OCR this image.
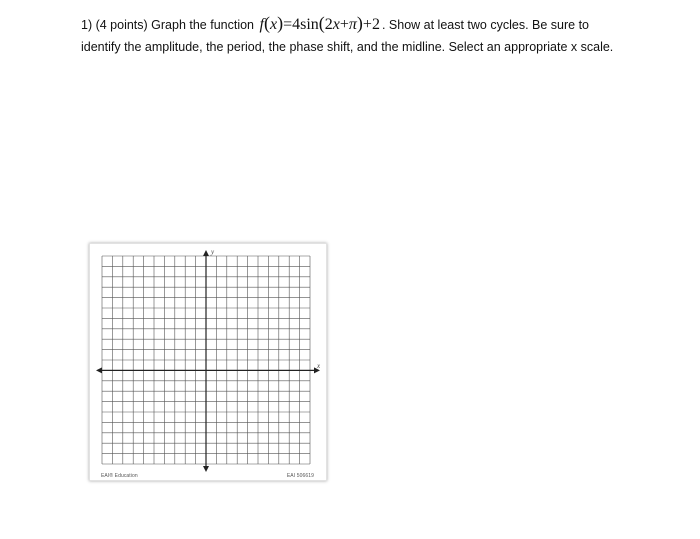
1) (4 points) Graph the function f(x)=4sin(2x+π)+2 . Show at least two cycles. Be sure to
identify the amplitude, the period, the phase shift, and the midline. Select an appropriate x scale.
y
x
EAI® Education	EAI 506619
